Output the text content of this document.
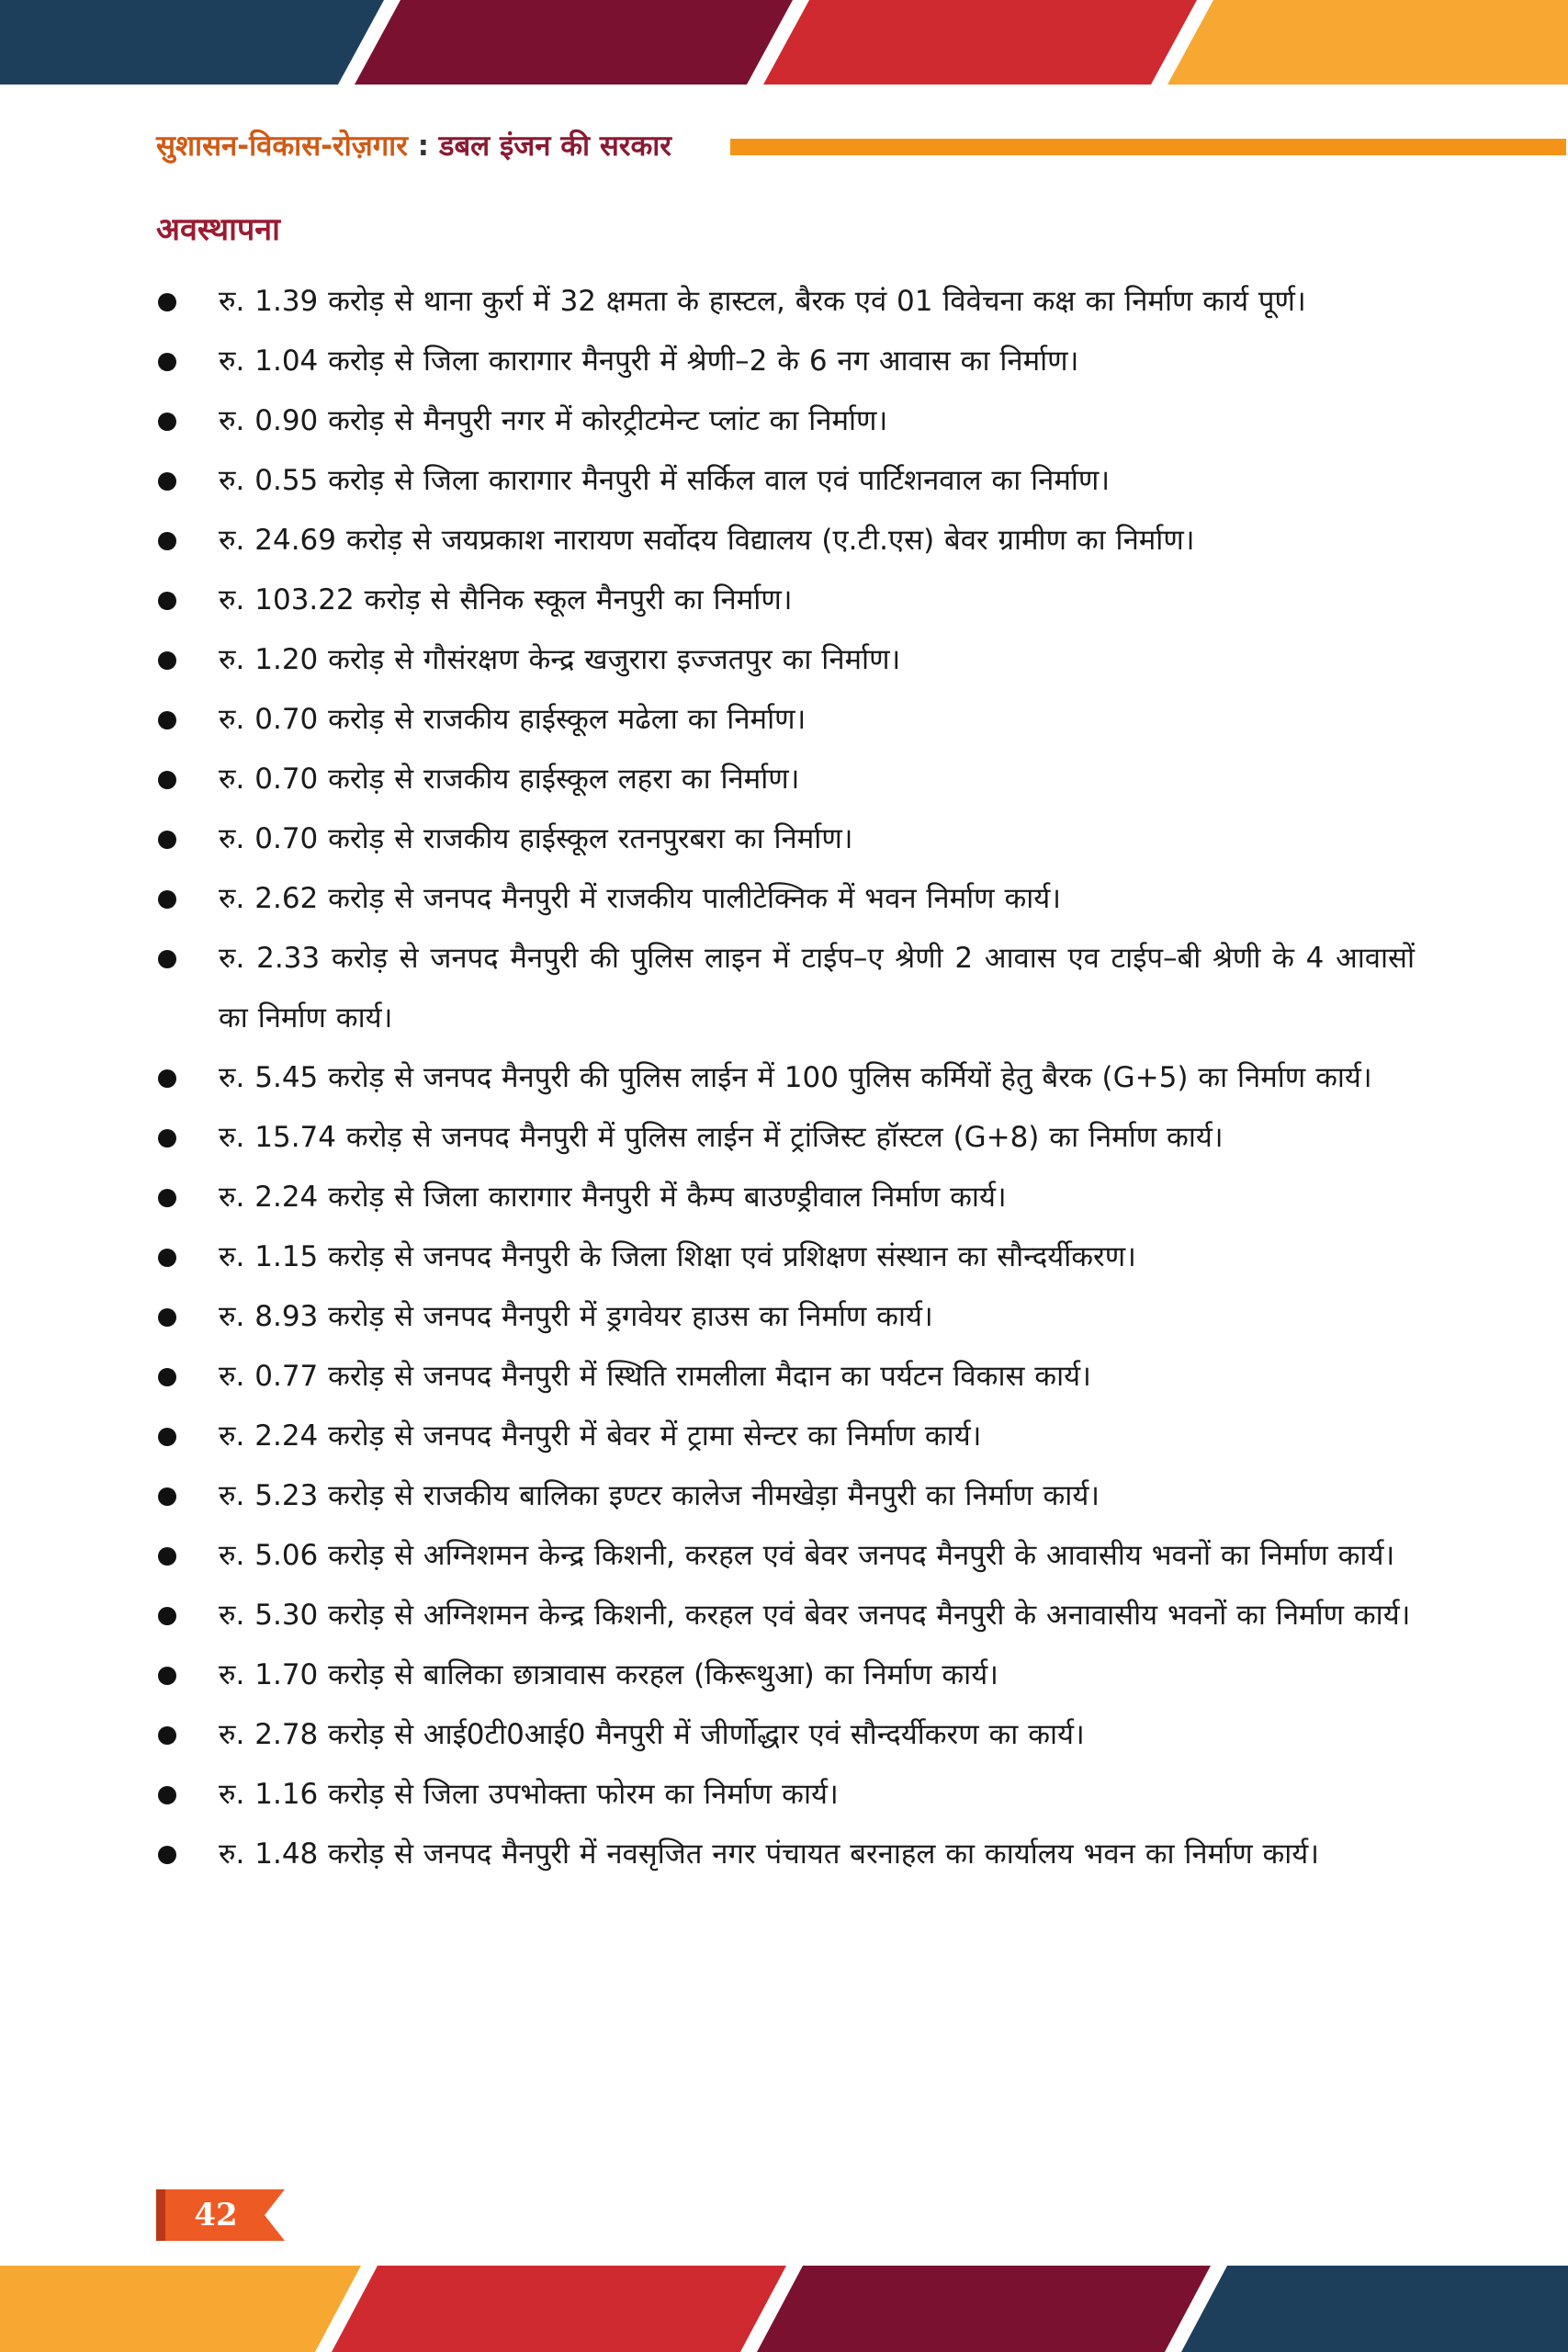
सुशासन-विकास-रोज़गार : डबल इंजन की सरकार
अवस्थापना
रु. 1.39 करोड़ से थाना कुर्रा में 32 क्षमता के हास्टल, बैरक एवं 01 विवेचना कक्ष का निर्माण कार्य पूर्ण।
रु. 1.04 करोड़ से जिला कारागार मैनपुरी में श्रेणी–2 के 6 नग आवास का निर्माण।
रु. 0.90 करोड़ से मैनपुरी नगर में कोरट्रीटमेन्ट प्लांट का निर्माण।
रु. 0.55 करोड़ से जिला कारागार मैनपुरी में सर्किल वाल एवं पार्टिशनवाल का निर्माण।
रु. 24.69 करोड़ से जयप्रकाश नारायण सर्वोदय विद्यालय (ए.टी.एस) बेवर ग्रामीण का निर्माण।
रु. 103.22 करोड़ से सैनिक स्कूल मैनपुरी का निर्माण।
रु. 1.20 करोड़ से गौसंरक्षण केन्द्र खजुरारा इज्जतपुर का निर्माण।
रु. 0.70 करोड़ से राजकीय हाईस्कूल मढेला का निर्माण।
रु. 0.70 करोड़ से राजकीय हाईस्कूल लहरा का निर्माण।
रु. 0.70 करोड़ से राजकीय हाईस्कूल रतनपुरबरा का निर्माण।
रु. 2.62 करोड़ से जनपद मैनपुरी में राजकीय पालीटेक्निक में भवन निर्माण कार्य।
रु. 2.33 करोड़ से जनपद मैनपुरी की पुलिस लाइन में टाईप–ए श्रेणी 2 आवास एव टाईप–बी श्रेणी के 4 आवासों का निर्माण कार्य।
रु. 5.45 करोड़ से जनपद मैनपुरी की पुलिस लाईन में 100 पुलिस कर्मियों हेतु बैरक (G+5) का निर्माण कार्य।
रु. 15.74 करोड़ से जनपद मैनपुरी में पुलिस लाईन में ट्रांजिस्ट हॉस्टल (G+8) का निर्माण कार्य।
रु. 2.24 करोड़ से जिला कारागार मैनपुरी में कैम्प बाउण्ड्रीवाल निर्माण कार्य।
रु. 1.15 करोड़ से जनपद मैनपुरी के जिला शिक्षा एवं प्रशिक्षण संस्थान का सौन्दर्यीकरण।
रु. 8.93 करोड़ से जनपद मैनपुरी में ड्रगवेयर हाउस का निर्माण कार्य।
रु. 0.77 करोड़ से जनपद मैनपुरी में स्थिति रामलीला मैदान का पर्यटन विकास कार्य।
रु. 2.24 करोड़ से जनपद मैनपुरी में बेवर में ट्रामा सेन्टर का निर्माण कार्य।
रु. 5.23 करोड़ से राजकीय बालिका इण्टर कालेज नीमखेड़ा मैनपुरी का निर्माण कार्य।
रु. 5.06 करोड़ से अग्निशमन केन्द्र किशनी, करहल एवं बेवर जनपद मैनपुरी के आवासीय भवनों का निर्माण कार्य।
रु. 5.30 करोड़ से अग्निशमन केन्द्र किशनी, करहल एवं बेवर जनपद मैनपुरी के अनावासीय भवनों का निर्माण कार्य।
रु. 1.70 करोड़ से बालिका छात्रावास करहल (किरूथुआ) का निर्माण कार्य।
रु. 2.78 करोड़ से आई0टी0आई0 मैनपुरी में जीर्णोद्धार एवं सौन्दर्यीकरण का कार्य।
रु. 1.16 करोड़ से जिला उपभोक्ता फोरम का निर्माण कार्य।
रु. 1.48 करोड़ से जनपद मैनपुरी में नवसृजित नगर पंचायत बरनाहल का कार्यालय भवन का निर्माण कार्य।
42
